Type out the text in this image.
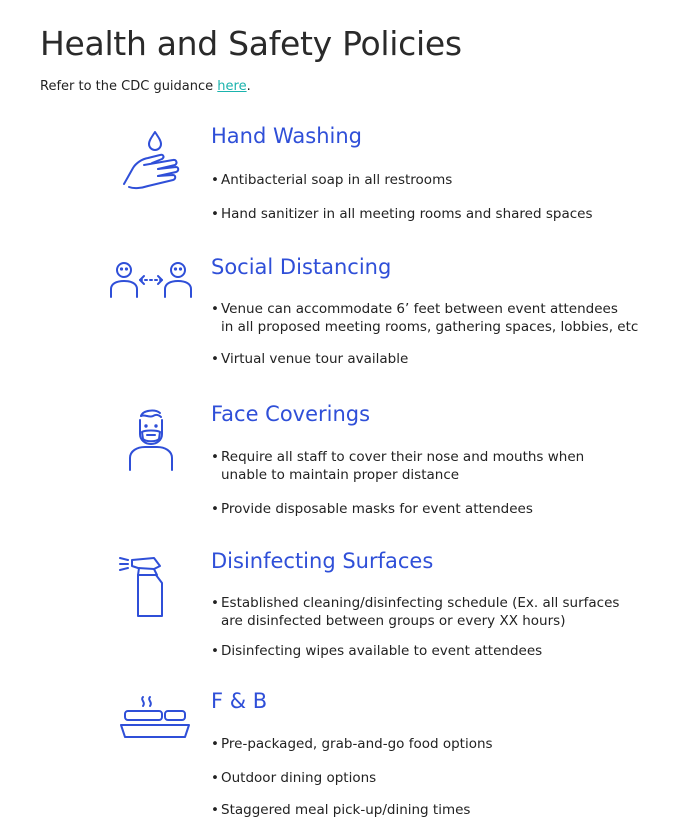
Health and Safety Policies
Refer to the CDC guidance here.
Hand Washing
• Antibacterial soap in all restrooms
• Hand sanitizer in all meeting rooms and shared spaces
Social Distancing
• Venue can accommodate 6’ feet between event attendees
in all proposed meeting rooms, gathering spaces, lobbies, etc
• Virtual venue tour available
Face Coverings
• Require all staff to cover their nose and mouths when
unable to maintain proper distance
• Provide disposable masks for event attendees
Disinfecting Surfaces
• Established cleaning/disinfecting schedule (Ex. all surfaces
are disinfected between groups or every XX hours)
• Disinfecting wipes available to event attendees
F & B
• Pre-packaged, grab-and-go food options
• Outdoor dining options
• Staggered meal pick-up/dining times
